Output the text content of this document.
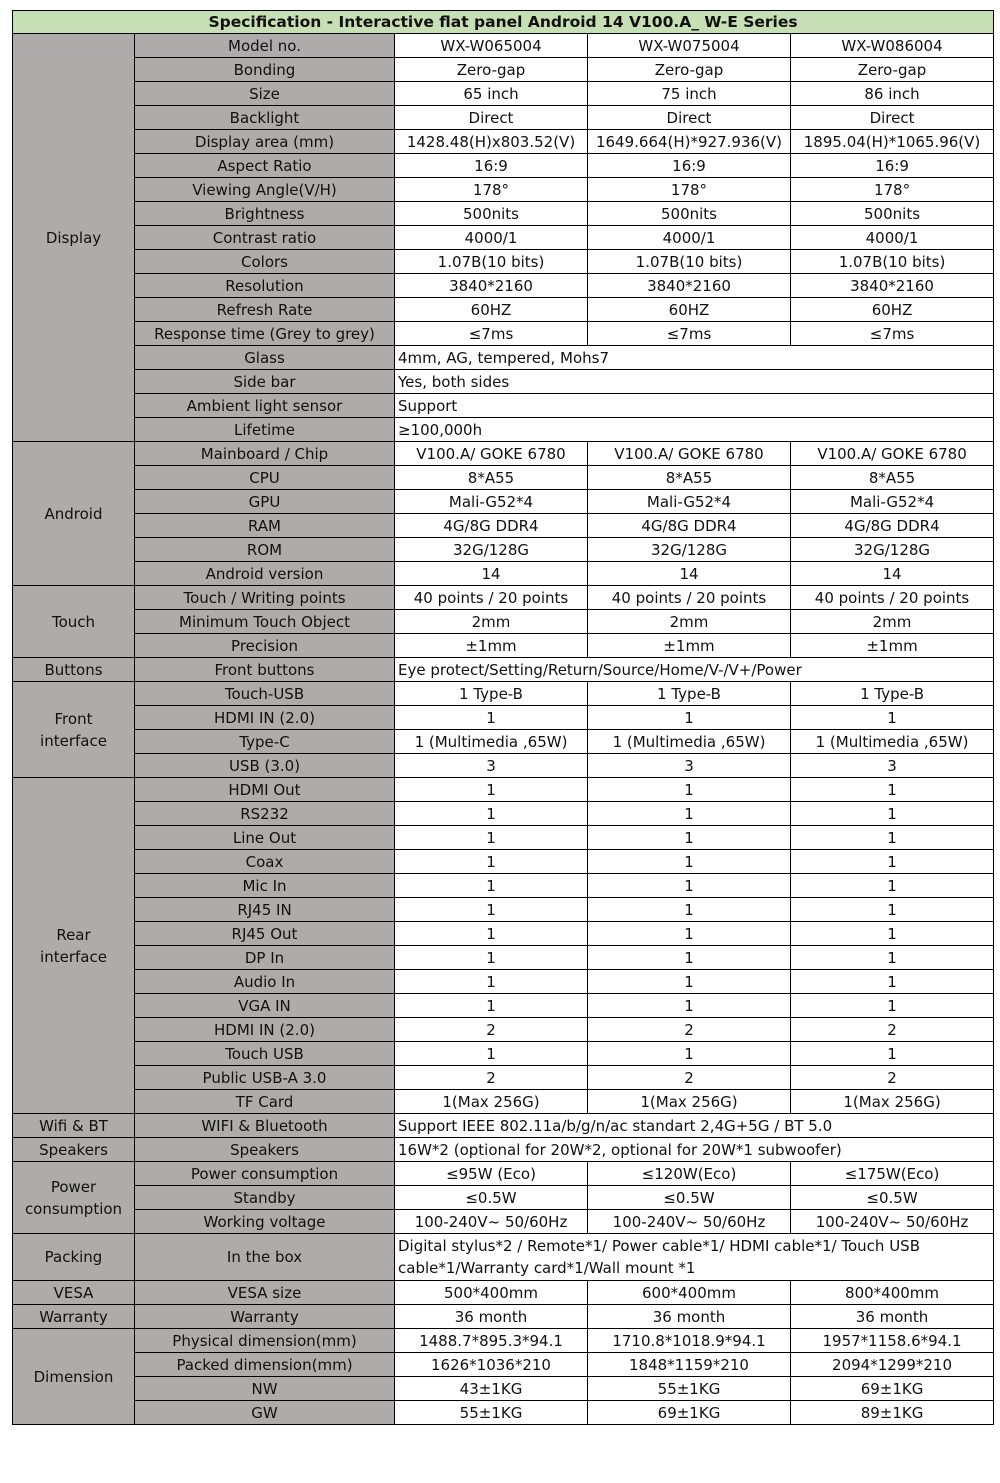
Specification - Interactive flat panel Android 14 V100.A_ W-E Series				
Display	Model no.	WX-W065004	WX-W075004	WX-W086004
	Bonding	Zero-gap	Zero-gap	Zero-gap
	Size	65 inch	75 inch	86 inch
	Backlight	Direct	Direct	Direct
	Display area (mm)	1428.48(H)x803.52(V)	1649.664(H)*927.936(V)	1895.04(H)*1065.96(V)
	Aspect Ratio	16:9	16:9	16:9
	Viewing Angle(V/H)	178°	178°	178°
	Brightness	500nits	500nits	500nits
	Contrast ratio	4000/1	4000/1	4000/1
	Colors	1.07B(10 bits)	1.07B(10 bits)	1.07B(10 bits)
	Resolution	3840*2160	3840*2160	3840*2160
	Refresh Rate	60HZ	60HZ	60HZ
	Response time (Grey to grey)	≤7ms	≤7ms	≤7ms
	Glass	4mm, AG, tempered, Mohs7		
	Side bar	Yes, both sides		
	Ambient light sensor	Support		
	Lifetime	≥100,000h		
Android	Mainboard / Chip	V100.A/ GOKE 6780	V100.A/ GOKE 6780	V100.A/ GOKE 6780
	CPU	8*A55	8*A55	8*A55
	GPU	Mali-G52*4	Mali-G52*4	Mali-G52*4
	RAM	4G/8G DDR4	4G/8G DDR4	4G/8G DDR4
	ROM	32G/128G	32G/128G	32G/128G
	Android version	14	14	14
Touch	Touch / Writing points	40 points / 20 points	40 points / 20 points	40 points / 20 points
	Minimum Touch Object	2mm	2mm	2mm
	Precision	±1mm	±1mm	±1mm
Buttons	Front buttons	Eye protect/Setting/Return/Source/Home/V-/V+/Power		
Front
interface	Touch-USB	1 Type-B	1 Type-B	1 Type-B
	HDMI IN (2.0)	1	1	1
	Type-C	1 (Multimedia ,65W)	1 (Multimedia ,65W)	1 (Multimedia ,65W)
	USB (3.0)	3	3	3
Rear
interface	HDMI Out	1	1	1
	RS232	1	1	1
	Line Out	1	1	1
	Coax	1	1	1
	Mic In	1	1	1
	RJ45 IN	1	1	1
	RJ45 Out	1	1	1
	DP In	1	1	1
	Audio In	1	1	1
	VGA IN	1	1	1
	HDMI IN (2.0)	2	2	2
	Touch USB	1	1	1
	Public USB-A 3.0	2	2	2
	TF Card	1(Max 256G)	1(Max 256G)	1(Max 256G)
Wifi & BT	WIFI & Bluetooth	Support IEEE 802.11a/b/g/n/ac standart 2,4G+5G / BT 5.0		
Speakers	Speakers	16W*2 (optional for 20W*2, optional for 20W*1 subwoofer)		
Power
consumption	Power consumption	≤95W (Eco)	≤120W(Eco)	≤175W(Eco)
	Standby	≤0.5W	≤0.5W	≤0.5W
	Working voltage	100-240V~ 50/60Hz	100-240V~ 50/60Hz	100-240V~ 50/60Hz
Packing	In the box	Digital stylus*2 / Remote*1/ Power cable*1/ HDMI cable*1/ Touch USB cable*1/Warranty card*1/Wall mount *1		
VESA	VESA size	500*400mm	600*400mm	800*400mm
Warranty	Warranty	36 month	36 month	36 month
Dimension	Physical dimension(mm)	1488.7*895.3*94.1	1710.8*1018.9*94.1	1957*1158.6*94.1
	Packed dimension(mm)	1626*1036*210	1848*1159*210	2094*1299*210
	NW	43±1KG	55±1KG	69±1KG
	GW	55±1KG	69±1KG	89±1KG
